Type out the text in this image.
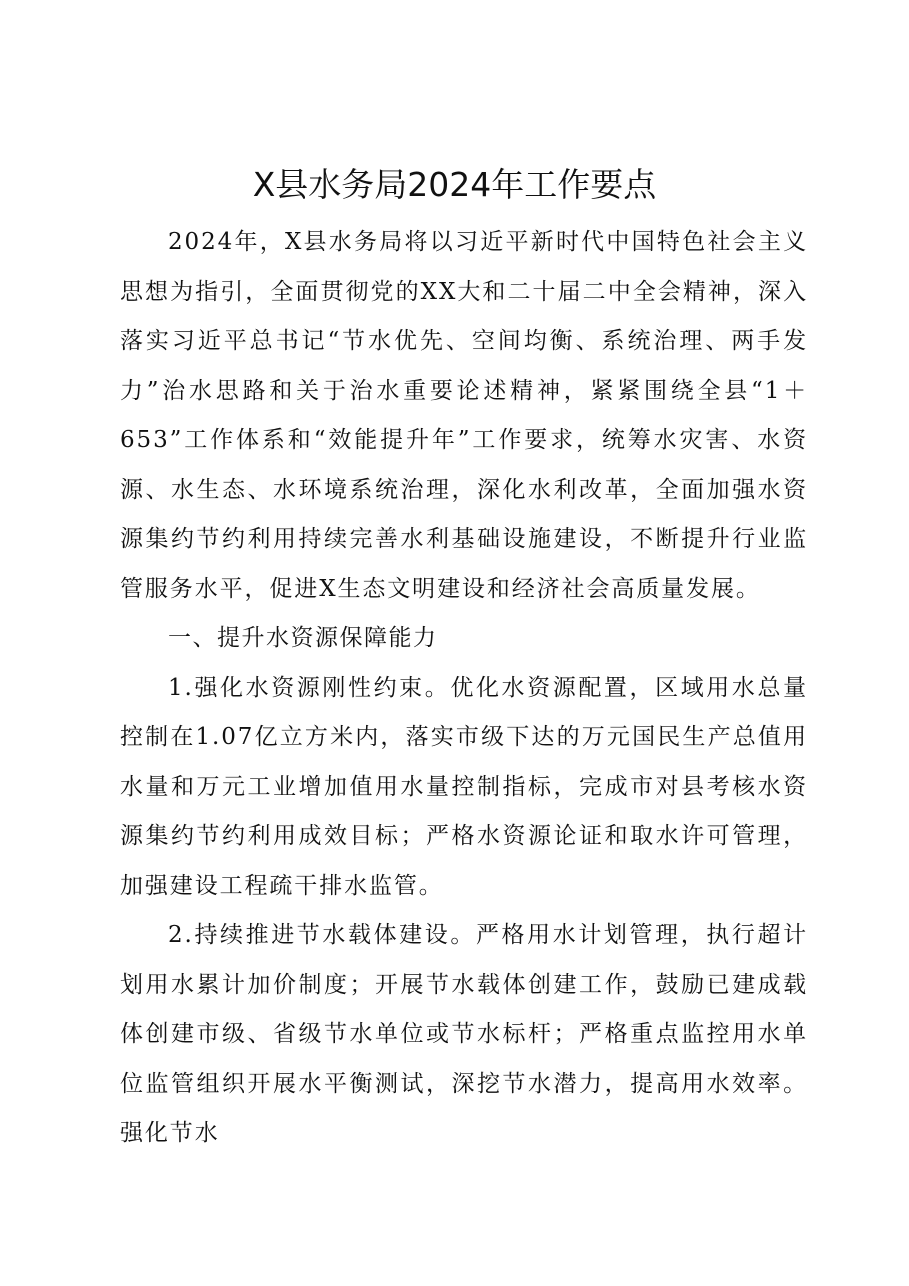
X县水务局2024年工作要点

2024年，X县水务局将以习近平新时代中国特色社会主义思想为指引，全面贯彻党的XX大和二十届二中全会精神，深入落实习近平总书记“节水优先、空间均衡、系统治理、两手发力”治水思路和关于治水重要论述精神，紧紧围绕全县“1＋653”工作体系和“效能提升年”工作要求，统筹水灾害、水资源、水生态、水环境系统治理，深化水利改革，全面加强水资源集约节约利用持续完善水利基础设施建设，不断提升行业监管服务水平，促进X生态文明建设和经济社会高质量发展。

一、提升水资源保障能力

1.强化水资源刚性约束。优化水资源配置，区域用水总量控制在1.07亿立方米内，落实市级下达的万元国民生产总值用水量和万元工业增加值用水量控制指标，完成市对县考核水资源集约节约利用成效目标；严格水资源论证和取水许可管理，加强建设工程疏干排水监管。

2.持续推进节水载体建设。严格用水计划管理，执行超计划用水累计加价制度；开展节水载体创建工作，鼓励已建成载体创建市级、省级节水单位或节水标杆；严格重点监控用水单位监管组织开展水平衡测试，深挖节水潜力，提高用水效率。强化节水
